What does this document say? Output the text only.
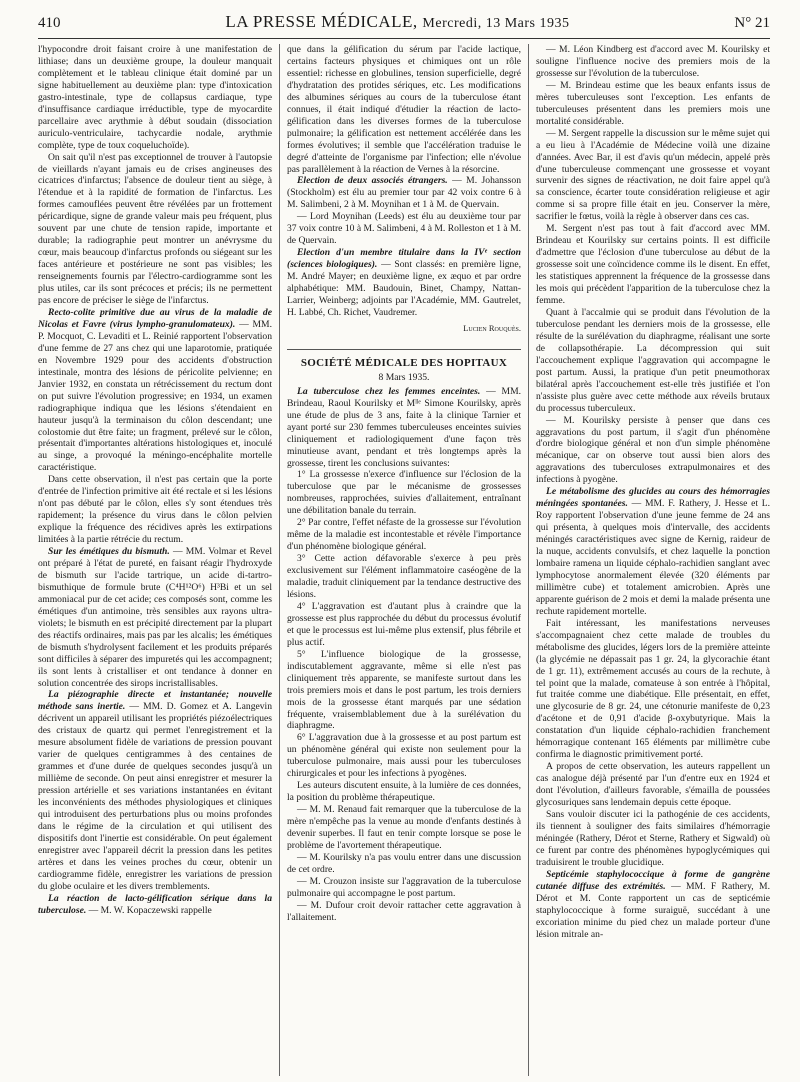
410	LA PRESSE MÉDICALE, Mercredi, 13 Mars 1935	N° 21

l'hypocondre droit faisant croire à une manifestation de lithiase; dans un deuxième groupe, la douleur manquait complètement et le tableau clinique était dominé par un signe habituellement au deuxième plan: type d'intoxication gastro-intestinale, type de collapsus cardiaque, type d'insuffisance cardiaque irréductible, type de myocardite parcellaire avec arythmie à début soudain (dissociation auriculo-ventriculaire, tachycardie nodale, arythmie complète, type de toux coqueluchoïde).

On sait qu'il n'est pas exceptionnel de trouver à l'autopsie de vieillards n'ayant jamais eu de crises angineuses des cicatrices d'infarctus; l'absence de douleur tient au siège, à l'étendue et à la rapidité de formation de l'infarctus. Les formes camouflées peuvent être révélées par un frottement péricardique, signe de grande valeur mais peu fréquent, plus souvent par une chute de tension rapide, importante et durable; la radiographie peut montrer un anévrysme du cœur, mais beaucoup d'infarctus profonds ou siégeant sur les faces antérieure et postérieure ne sont pas visibles; les renseignements fournis par l'électro-cardiogramme sont les plus utiles, car ils sont précoces et précis; ils ne permettent pas encore de préciser le siège de l'infarctus.

Recto-colite primitive due au virus de la maladie de Nicolas et Favre (virus lympho-granulomateux). — MM. P. Mocquot, C. Levaditi et L. Reinié rapportent l'observation d'une femme de 27 ans chez qui une laparotomie, pratiquée en Novembre 1929 pour des accidents d'obstruction intestinale, montra des lésions de péricolite pelvienne; en Janvier 1932, en constata un rétrécissement du rectum dont on put suivre l'évolution progressive; en 1934, un examen radiographique indiqua que les lésions s'étendaient en hauteur jusqu'à la terminaison du côlon descendant; une colostomie dut être faite; un fragment, prélevé sur le côlon, présentait d'importantes altérations histologiques et, inoculé au singe, a provoqué la méningo-encéphalite mortelle caractéristique.

Dans cette observation, il n'est pas certain que la porte d'entrée de l'infection primitive ait été rectale et si les lésions n'ont pas débuté par le côlon, elles s'y sont étendues très rapidement; la présence du virus dans le côlon pelvien explique la fréquence des récidives après les extirpations limitées à la partie rétrécie du rectum.

Sur les émétiques du bismuth. — MM. Volmar et Revel ont préparé à l'état de pureté, en faisant réagir l'hydroxyde de bismuth sur l'acide tartrique, un acide di-tartro-bismuthique de formule brute (C⁴H¹²O⁶) H³Bi et un sel ammoniacal pur de cet acide; ces composés sont, comme les émétiques d'un antimoine, très sensibles aux rayons ultra-violets; le bismuth en est précipité directement par la plupart des réactifs ordinaires, mais pas par les alcalis; les émétiques de bismuth s'hydrolysent facilement et les produits préparés sont difficiles à séparer des impuretés qui les accompagnent; ils sont lents à cristalliser et ont tendance à donner en solution concentrée des sirops incristallisables.

La piézographie directe et instantanée; nouvelle méthode sans inertie. — MM. D. Gomez et A. Langevin décrivent un appareil utilisant les propriétés piézoélectriques des cristaux de quartz qui permet l'enregistrement et la mesure absolument fidèle de variations de pression pouvant varier de quelques centigrammes à des centaines de grammes et d'une durée de quelques secondes jusqu'à un millième de seconde. On peut ainsi enregistrer et mesurer la pression artérielle et ses variations instantanées en évitant les inconvénients des méthodes physiologiques et cliniques qui introduisent des perturbations plus ou moins profondes dans le régime de la circulation et qui utilisent des dispositifs dont l'inertie est considérable. On peut également enregistrer avec l'appareil décrit la pression dans les petites artères et dans les veines proches du cœur, obtenir un cardiogramme fidèle, enregistrer les variations de pression du globe oculaire et les divers tremblements.

La réaction de lacto-gélification sérique dans la tuberculose. — M. W. Kopaczewski rappelle

que dans la gélification du sérum par l'acide lactique, certains facteurs physiques et chimiques ont un rôle essentiel: richesse en globulines, tension superficielle, degré d'hydratation des protides sériques, etc. Les modifications des albumines sériques au cours de la tuberculose étant connues, il était indiqué d'étudier la réaction de lacto-gélification dans les diverses formes de la tuberculose pulmonaire; la gélification est nettement accélérée dans les formes évolutives; il semble que l'accélération traduise le degré d'atteinte de l'organisme par l'infection; elle n'évolue pas parallèlement à la réaction de Vernes à la résorcine.

Election de deux associés étrangers. — M. Johansson (Stockholm) est élu au premier tour par 42 voix contre 6 à M. Salimbeni, 2 à M. Moynihan et 1 à M. de Quervain.

— Lord Moynihan (Leeds) est élu au deuxième tour par 37 voix contre 10 à M. Salimbeni, 4 à M. Rolleston et 1 à M. de Quervain.

Election d'un membre titulaire dans la IVᵉ section (sciences biologiques). — Sont classés: en première ligne, M. André Mayer; en deuxième ligne, ex æquo et par ordre alphabétique: MM. Baudouin, Binet, Champy, Nattan-Larrier, Weinberg; adjoints par l'Académie, MM. Gautrelet, H. Labbé, Ch. Richet, Vaudremer.

Lucien Rouquès.

SOCIÉTÉ MÉDICALE DES HOPITAUX

8 Mars 1935.

La tuberculose chez les femmes enceintes. — MM. Brindeau, Raoul Kourilsky et Mˡˡᵉ Simone Kourilsky, après une étude de plus de 3 ans, faite à la clinique Tarnier et ayant porté sur 230 femmes tuberculeuses enceintes suivies cliniquement et radiologiquement d'une façon très minutieuse avant, pendant et très longtemps après la grossesse, tirent les conclusions suivantes:

1° La grossesse n'exerce d'influence sur l'éclosion de la tuberculose que par le mécanisme de grossesses nombreuses, rapprochées, suivies d'allaitement, entraînant une débilitation banale du terrain.

2° Par contre, l'effet néfaste de la grossesse sur l'évolution même de la maladie est incontestable et révèle l'importance d'un phénomène biologique général.

3° Cette action défavorable s'exerce à peu près exclusivement sur l'élément inflammatoire caséogène de la maladie, traduit cliniquement par la tendance destructive des lésions.

4° L'aggravation est d'autant plus à craindre que la grossesse est plus rapprochée du début du processus évolutif et que le processus est lui-même plus extensif, plus fébrile et plus actif.

5° L'influence biologique de la grossesse, indiscutablement aggravante, même si elle n'est pas cliniquement très apparente, se manifeste surtout dans les trois premiers mois et dans le post partum, les trois derniers mois de la grossesse étant marqués par une sédation fréquente, vraisemblablement due à la surélévation du diaphragme.

6° L'aggravation due à la grossesse et au post partum est un phénomène général qui existe non seulement pour la tuberculose pulmonaire, mais aussi pour les tuberculoses chirurgicales et pour les infections à pyogènes.

Les auteurs discutent ensuite, à la lumière de ces données, la position du problème thérapeutique.

— M. M. Renaud fait remarquer que la tuberculose de la mère n'empêche pas la venue au monde d'enfants destinés à devenir superbes. Il faut en tenir compte lorsque se pose le problème de l'avortement thérapeutique.

— M. Kourilsky n'a pas voulu entrer dans une discussion de cet ordre.

— M. Crouzon insiste sur l'aggravation de la tuberculose pulmonaire qui accompagne le post partum.

— M. Dufour croit devoir rattacher cette aggravation à l'allaitement.

— M. Léon Kindberg est d'accord avec M. Kourilsky et souligne l'influence nocive des premiers mois de la grossesse sur l'évolution de la tuberculose.

— M. Brindeau estime que les beaux enfants issus de mères tuberculeuses sont l'exception. Les enfants de tuberculeuses présentent dans les premiers mois une mortalité considérable.

— M. Sergent rappelle la discussion sur le même sujet qui a eu lieu à l'Académie de Médecine voilà une dizaine d'années. Avec Bar, il est d'avis qu'un médecin, appelé près d'une tuberculeuse commençant une grossesse et voyant survenir des signes de réactivation, ne doit faire appel qu'à sa conscience, écarter toute considération religieuse et agir comme si sa propre fille était en jeu. Conserver la mère, sacrifier le fœtus, voilà la règle à observer dans ces cas.

M. Sergent n'est pas tout à fait d'accord avec MM. Brindeau et Kourilsky sur certains points. Il est difficile d'admettre que l'éclosion d'une tuberculose au début de la grossesse soit une coïncidence comme ils le disent. En effet, les statistiques apprennent la fréquence de la grossesse dans les mois qui précèdent l'apparition de la tuberculose chez la femme.

Quant à l'accalmie qui se produit dans l'évolution de la tuberculose pendant les derniers mois de la grossesse, elle résulte de la surélévation du diaphragme, réalisant une sorte de collapsothérapie. La décompression qui suit l'accouchement explique l'aggravation qui accompagne le post partum. Aussi, la pratique d'un petit pneumothorax bilatéral après l'accouchement est-elle très justifiée et l'on n'assiste plus guère avec cette méthode aux réveils brutaux du processus tuberculeux.

— M. Kourilsky persiste à penser que dans ces aggravations du post partum, il s'agit d'un phénomène d'ordre biologique général et non d'un simple phénomène mécanique, car on observe tout aussi bien alors des aggravations des tuberculoses extrapulmonaires et des infections à pyogène.

Le métabolisme des glucides au cours des hémorragies méningées spontanées. — MM. F. Rathery, J. Hesse et L. Roy rapportent l'observation d'une jeune femme de 24 ans qui présenta, à quelques mois d'intervalle, des accidents méningés caractéristiques avec signe de Kernig, raideur de la nuque, accidents convulsifs, et chez laquelle la ponction lombaire ramena un liquide céphalo-rachidien sanglant avec lymphocytose anormalement élevée (320 éléments par millimètre cube) et totalement amicrobien. Après une apparente guérison de 2 mois et demi la malade présenta une rechute rapidement mortelle.

Fait intéressant, les manifestations nerveuses s'accompagnaient chez cette malade de troubles du métabolisme des glucides, légers lors de la première atteinte (la glycémie ne dépassait pas 1 gr. 24, la glycorachie étant de 1 gr. 11), extrêmement accusés au cours de la rechute, à tel point que la malade, comateuse à son entrée à l'hôpital, fut traitée comme une diabétique. Elle présentait, en effet, une glycosurie de 8 gr. 24, une cétonurie manifeste de 0,23 d'acétone et de 0,91 d'acide β-oxybutyrique. Mais la constatation d'un liquide céphalo-rachidien franchement hémorragique contenant 165 éléments par millimètre cube confirma le diagnostic primitivement porté.

A propos de cette observation, les auteurs rappellent un cas analogue déjà présenté par l'un d'entre eux en 1924 et dont l'évolution, d'ailleurs favorable, s'émailla de poussées glycosuriques sans lendemain depuis cette époque.

Sans vouloir discuter ici la pathogénie de ces accidents, ils tiennent à souligner des faits similaires d'hémorragie méningée (Rathery, Dérot et Sterne, Rathery et Sigwald) où ce furent par contre des phénomènes hypoglycémiques qui traduisirent le trouble glucidique.

Septicémie staphylococcique à forme de gangrène cutanée diffuse des extrémités. — MM. F Rathery, M. Dérot et M. Conte rapportent un cas de septicémie staphylococcique à forme suraiguë, succédant à une excoriation minime du pied chez un malade porteur d'une lésion mitrale an-
